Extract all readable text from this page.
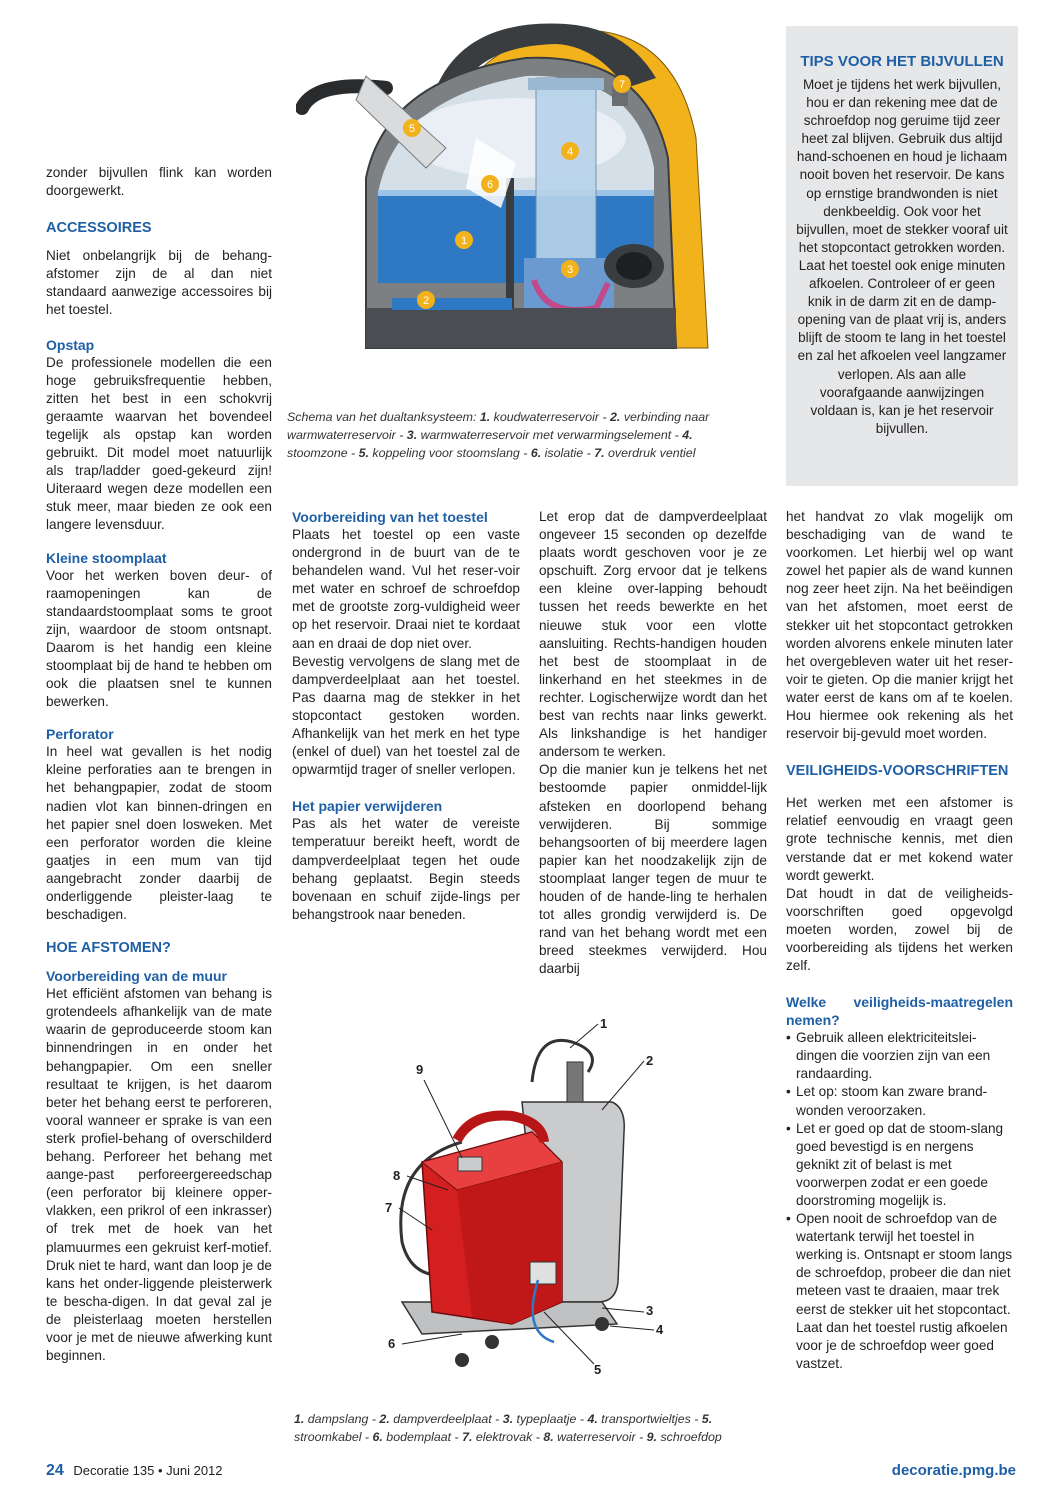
1
2
3
4
5
6
7
Schema van het dualtanksysteem: 1. koudwaterreservoir - 2. verbinding naar warmwaterreservoir - 3. warmwaterreservoir met verwarmingselement - 4. stoomzone - 5. koppeling voor stoomslang - 6. isolatie - 7. overdruk ventiel

TIPS VOOR HET BIJVULLEN

Moet je tijdens het werk bijvullen, hou er dan rekening mee dat de schroefdop nog geruime tijd zeer heet zal blijven. Gebruik dus altijd hand-schoenen en houd je lichaam nooit boven het reservoir. De kans op ernstige brandwonden is niet denkbeeldig. Ook voor het bijvullen, moet de stekker vooraf uit het stopcontact getrokken worden. Laat het toestel ook enige minuten afkoelen. Controleer of er geen knik in de darm zit en de damp-opening van de plaat vrij is, anders blijft de stoom te lang in het toestel en zal het afkoelen veel langzamer verlopen. Als aan alle voorafgaande aanwijzingen voldaan is, kan je het reservoir bijvullen.

zonder bijvullen flink kan worden doorgewerkt.

ACCESSOIRES

Niet onbelangrijk bij de behang-afstomer zijn de al dan niet standaard aanwezige accessoires bij het toestel.

Opstap

De professionele modellen die een hoge gebruiksfrequentie hebben, zitten het best in een schokvrij geraamte waarvan het bovendeel tegelijk als opstap kan worden gebruikt. Dit model moet natuurlijk als trap/ladder goed-gekeurd zijn! Uiteraard wegen deze modellen een stuk meer, maar bieden ze ook een langere levensduur.

Kleine stoomplaat

Voor het werken boven deur- of raamopeningen kan de standaardstoomplaat soms te groot zijn, waardoor de stoom ontsnapt. Daarom is het handig een kleine stoomplaat bij de hand te hebben om ook die plaatsen snel te kunnen bewerken.

Perforator

In heel wat gevallen is het nodig kleine perforaties aan te brengen in het behangpapier, zodat de stoom nadien vlot kan binnen-dringen en het papier snel doen losweken. Met een perforator worden die kleine gaatjes in een mum van tijd aangebracht zonder daarbij de onderliggende pleister-laag te beschadigen.

HOE AFSTOMEN?
Voorbereiding van de muur

Het efficiënt afstomen van behang is grotendeels afhankelijk van de mate waarin de geproduceerde stoom kan binnendringen in en onder het behangpapier. Om een sneller resultaat te krijgen, is het daarom beter het behang eerst te perforeren, vooral wanneer er sprake is van een sterk profiel-behang of overschilderd behang. Perforeer het behang met aange-past perforeergereedschap (een perforator bij kleinere opper-vlakken, een prikrol of een inkrasser) of trek met de hoek van het plamuurmes een gekruist kerf-motief. Druk niet te hard, want dan loop je de kans het onder-liggende pleisterwerk te bescha-digen. In dat geval zal je de pleisterlaag moeten herstellen voor je met de nieuwe afwerking kunt beginnen.

Voorbereiding van het toestel

Plaats het toestel op een vaste ondergrond in de buurt van de te behandelen wand. Vul het reser-voir met water en schroef de schroefdop met de grootste zorg-vuldigheid weer op het reservoir. Draai niet te kordaat aan en draai de dop niet over.

Bevestig vervolgens de slang met de dampverdeelplaat aan het toestel. Pas daarna mag de stekker in het stopcontact gestoken worden. Afhankelijk van het merk en het type (enkel of duel) van het toestel zal de opwarmtijd trager of sneller verlopen.

Het papier verwijderen

Pas als het water de vereiste temperatuur bereikt heeft, wordt de dampverdeelplaat tegen het oude behang geplaatst. Begin steeds bovenaan en schuif zijde-lings per behangstrook naar beneden.

Let erop dat de dampverdeelplaat ongeveer 15 seconden op dezelfde plaats wordt geschoven voor je ze opschuift. Zorg ervoor dat je telkens een kleine over-lapping behoudt tussen het reeds bewerkte en het nieuwe stuk voor een vlotte aansluiting. Rechts-handigen houden het best de stoomplaat in de linkerhand en het steekmes in de rechter. Logischerwijze wordt dan het best van rechts naar links gewerkt. Als linkshandige is het handiger andersom te werken.

Op die manier kun je telkens het net bestoomde papier onmiddel-lijk afsteken en doorlopend behang verwijderen. Bij sommige behangsoorten of bij meerdere lagen papier kan het noodzakelijk zijn de stoomplaat langer tegen de muur te houden of de hande-ling te herhalen tot alles grondig verwijderd is. De rand van het behang wordt met een breed steekmes verwijderd. Hou daarbij

het handvat zo vlak mogelijk om beschadiging van de wand te voorkomen. Let hierbij wel op want zowel het papier als de wand kunnen nog zeer heet zijn. Na het beëindigen van het afstomen, moet eerst de stekker uit het stopcontact getrokken worden alvorens enkele minuten later het overgebleven water uit het reser-voir te gieten. Op die manier krijgt het water eerst de kans om af te koelen. Hou hiermee ook rekening als het reservoir bij-gevuld moet worden.

VEILIGHEIDS-VOORSCHRIFTEN

Het werken met een afstomer is relatief eenvoudig en vraagt geen grote technische kennis, met dien verstande dat er met kokend water wordt gewerkt.

Dat houdt in dat de veiligheids-voorschriften goed opgevolgd moeten worden, zowel bij de voorbereiding als tijdens het werken zelf.

Welke veiligheids-maatregelen nemen?
• Gebruik alleen elektriciteitslei-dingen die voorzien zijn van een randaarding.
• Let op: stoom kan zware brand-wonden veroorzaken.
• Let er goed op dat de stoom-slang goed bevestigd is en nergens geknikt zit of belast is met voorwerpen zodat er een goede doorstroming mogelijk is.
• Open nooit de schroefdop van de watertank terwijl het toestel in werking is. Ontsnapt er stoom langs de schroefdop, probeer die dan niet meteen vast te draaien, maar trek eerst de stekker uit het stopcontact. Laat dan het toestel rustig afkoelen voor je de schroefdop weer goed vastzet.
1
2
3
4
5
6
7
8
9
1. dampslang - 2. dampverdeelplaat - 3. typeplaatje - 4. transportwieltjes - 5. stroomkabel - 6. bodemplaat - 7. elektrovak - 8. waterreservoir - 9. schroefdop
24 Decoratie 135 • Juni 2012	decoratie.pmg.be
